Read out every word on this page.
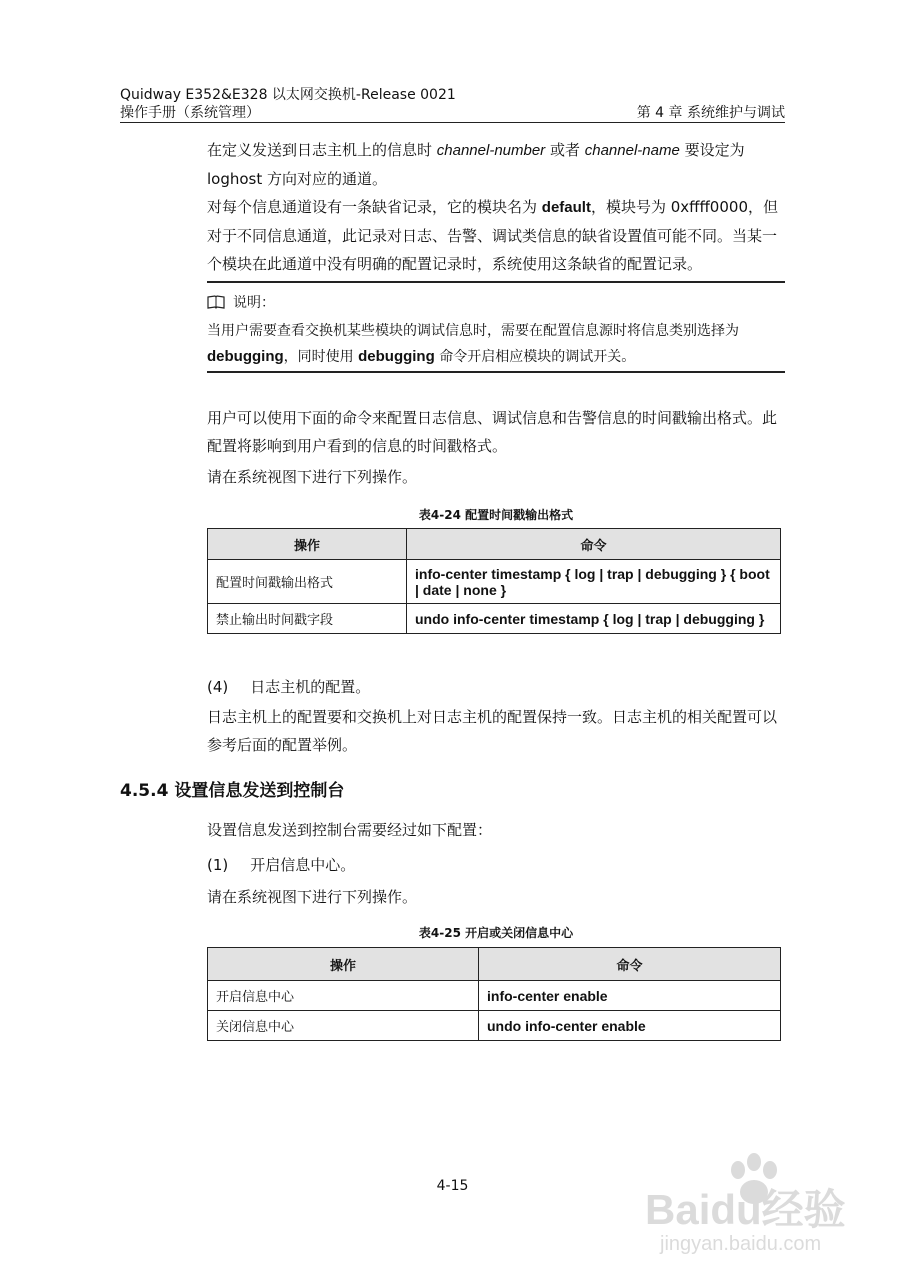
Quidway E352&E328 以太网交换机-Release 0021
操作手册（系统管理）	第 4 章 系统维护与调试
在定义发送到日志主机上的信息时 channel-number 或者 channel-name 要设定为 loghost 方向对应的通道。
对每个信息通道设有一条缺省记录，它的模块名为 default，模块号为 0xffff0000，但对于不同信息通道，此记录对日志、告警、调试类信息的缺省设置值可能不同。当某一个模块在此通道中没有明确的配置记录时，系统使用这条缺省的配置记录。
说明：
当用户需要查看交换机某些模块的调试信息时，需要在配置信息源时将信息类别选择为 debugging，同时使用 debugging 命令开启相应模块的调试开关。
用户可以使用下面的命令来配置日志信息、调试信息和告警信息的时间戳输出格式。此配置将影响到用户看到的信息的时间戳格式。
请在系统视图下进行下列操作。
表4-24 配置时间戳输出格式
操作	命令
配置时间戳输出格式	info-center timestamp { log | trap | debugging } { boot | date | none }
禁止输出时间戳字段	undo info-center timestamp { log | trap | debugging }
(4) 日志主机的配置。
日志主机上的配置要和交换机上对日志主机的配置保持一致。日志主机的相关配置可以参考后面的配置举例。
4.5.4 设置信息发送到控制台
设置信息发送到控制台需要经过如下配置：
(1) 开启信息中心。
请在系统视图下进行下列操作。
表4-25 开启或关闭信息中心
操作	命令
开启信息中心	info-center enable
关闭信息中心	undo info-center enable
4-15	Baidu经验
jingyan.baidu.com
